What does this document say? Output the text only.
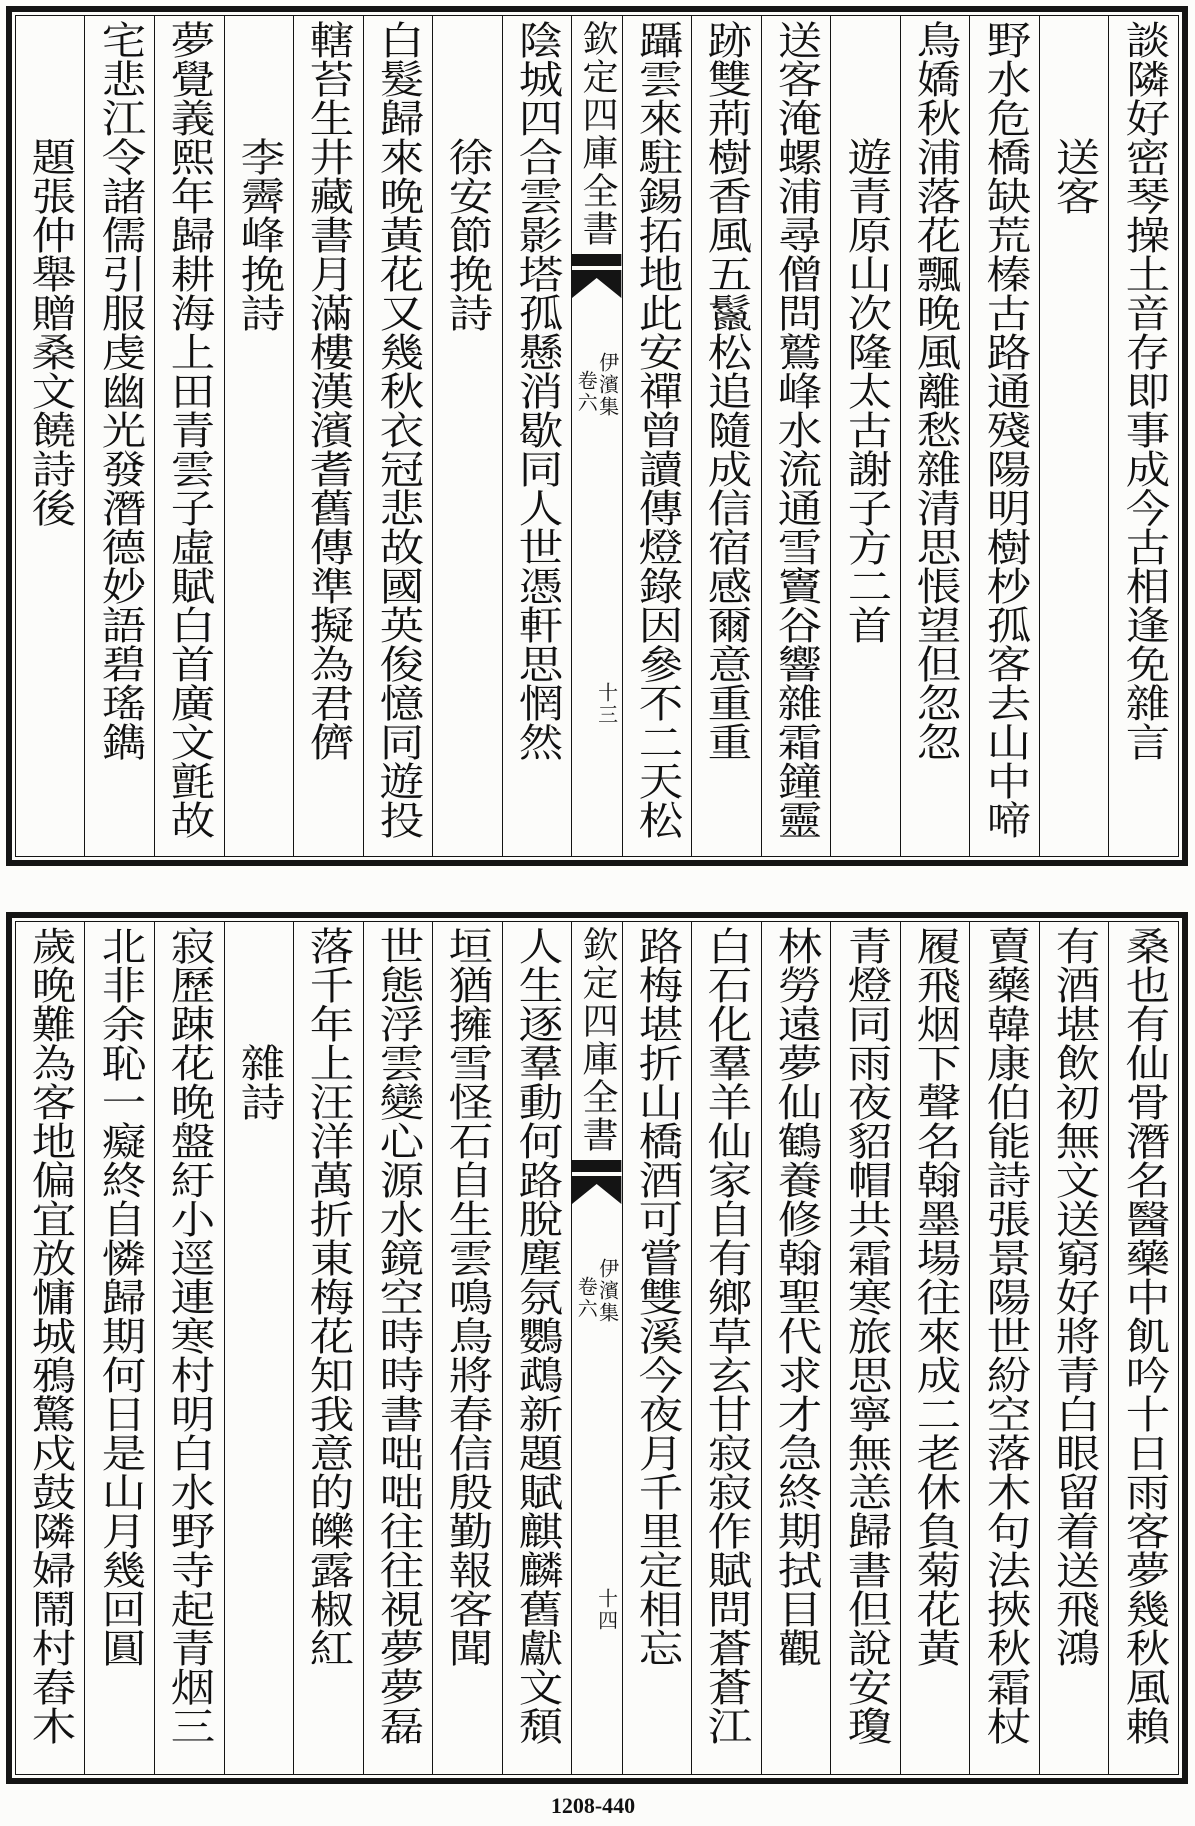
談隣好密琴操土音存即事成今古相逢免雜言
送客
野水危橋缺荒榛古路通殘陽明樹杪孤客去山中啼
鳥嬌秋浦落花飄晚風離愁雜清思悵望但忽忽
遊青原山次隆太古謝子方二首
送客淹螺浦尋僧問鷲峰水流通雪竇谷響雜霜鐘靈
跡雙荊樹香風五鬣松追隨成信宿感爾意重重
躡雲來駐錫拓地此安禪曾讀傳燈錄因參不二天松
欽定四庫全書
伊濱集
卷六
十三
陰城四合雲影塔孤懸消歇同人世憑軒思惘然
徐安節挽詩
白髮歸來晚黃花又幾秋衣冠悲故國英俊憶同遊投
轄苔生井藏書月滿樓漢濱耆舊傳準擬為君儕
李霽峰挽詩
夢覺義熙年歸耕海上田青雲子虛賦白首廣文氈故
宅悲江令諸儒引服虔幽光發潛德妙語碧瑤鐫
題張仲舉贈桑文饒詩後
桑也有仙骨潛名醫藥中飢吟十日雨客夢幾秋風賴
有酒堪飲初無文送窮好將青白眼留着送飛鴻
賣藥韓康伯能詩張景陽世紛空落木句法挾秋霜杖
履飛烟下聲名翰墨場往來成二老休負菊花黃
青燈同雨夜貂帽共霜寒旅思寧無恙歸書但說安瓊
林勞遠夢仙鶴養修翰聖代求才急終期拭目觀
白石化羣羊仙家自有鄉草玄甘寂寂作賦問蒼蒼江
路梅堪折山橋酒可嘗雙溪今夜月千里定相忘
欽定四庫全書
伊濱集
卷六
十四
人生逐羣動何路脫塵氛鸚鵡新題賦麒麟舊獻文頹
垣猶擁雪怪石自生雲鳴鳥將春信殷勤報客聞
世態浮雲變心源水鏡空時時書咄咄往往視夢夢磊
落千年上汪洋萬折東梅花知我意的皪露椒紅
雜詩
寂歷踈花晚盤紆小逕連寒村明白水野寺起青烟三
北非余恥一癡終自憐歸期何日是山月幾回圓
歲晚難為客地偏宜放慵城鴉驚戍鼓隣婦鬧村舂木
1208-440
